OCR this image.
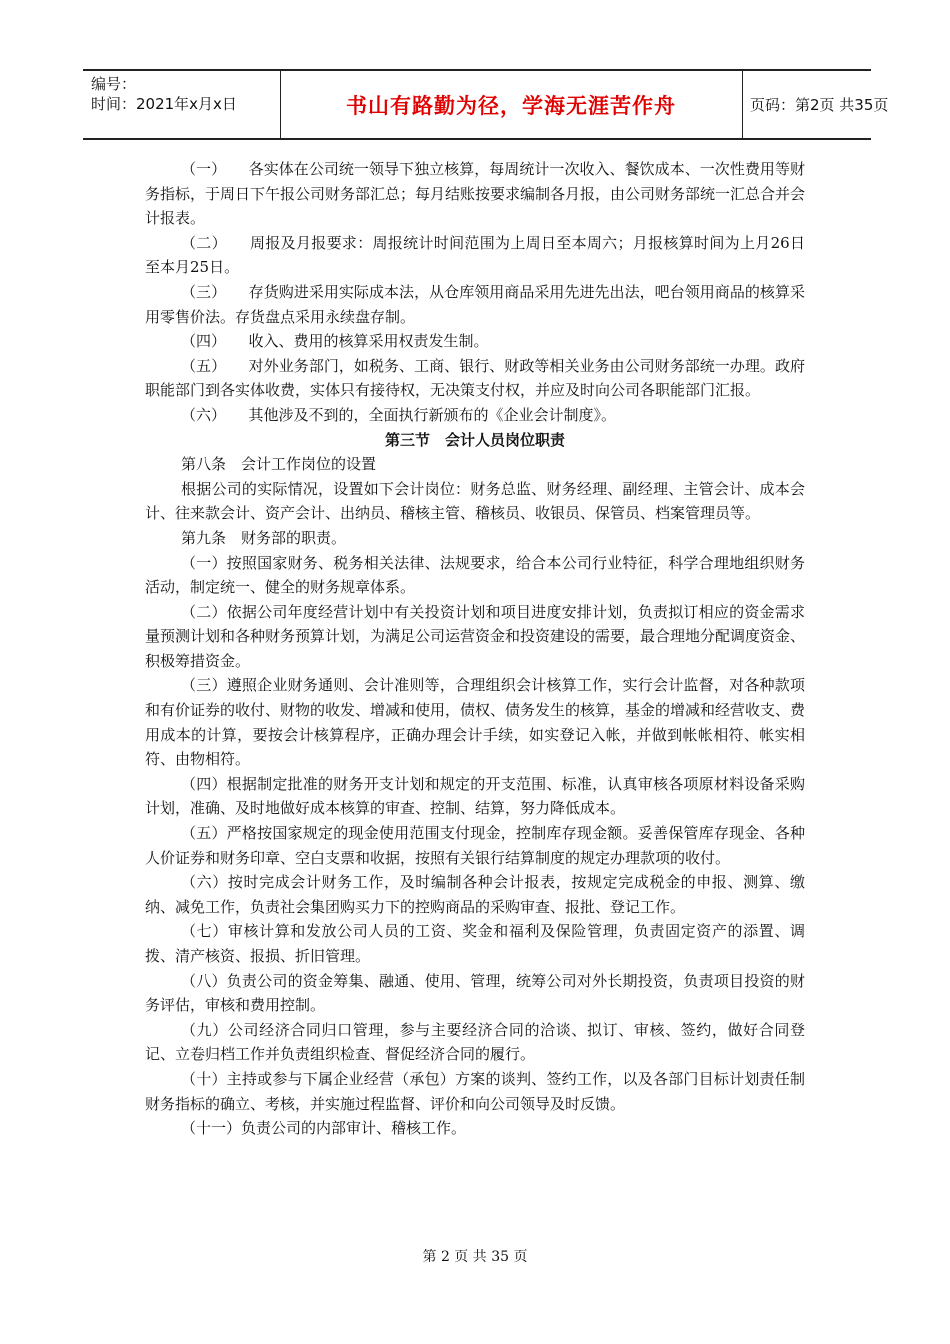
编号：
时间：2021年x月x日	书山有路勤为径，学海无涯苦作舟	页码：第2页 共35页

（一）　　各实体在公司统一领导下独立核算，每周统计一次收入、餐饮成本、一次性费用等财务指标，于周日下午报公司财务部汇总；每月结账按要求编制各月报，由公司财务部统一汇总合并会计报表。

（二）　　周报及月报要求：周报统计时间范围为上周日至本周六；月报核算时间为上月26日至本月25日。

（三）　　存货购进采用实际成本法，从仓库领用商品采用先进先出法，吧台领用商品的核算采用零售价法。存货盘点采用永续盘存制。

（四）　　收入、费用的核算采用权责发生制。

（五）　　对外业务部门，如税务、工商、银行、财政等相关业务由公司财务部统一办理。政府职能部门到各实体收费，实体只有接待权，无决策支付权，并应及时向公司各职能部门汇报。

（六）　　其他涉及不到的，全面执行新颁布的《企业会计制度》。

第三节　会计人员岗位职责

第八条　会计工作岗位的设置

根据公司的实际情况，设置如下会计岗位：财务总监、财务经理、副经理、主管会计、成本会计、往来款会计、资产会计、出纳员、稽核主管、稽核员、收银员、保管员、档案管理员等。

第九条　财务部的职责。

（一）按照国家财务、税务相关法律、法规要求，给合本公司行业特征，科学合理地组织财务活动，制定统一、健全的财务规章体系。

（二）依据公司年度经营计划中有关投资计划和项目进度安排计划，负责拟订相应的资金需求量预测计划和各种财务预算计划，为满足公司运营资金和投资建设的需要，最合理地分配调度资金、积极筹措资金。

（三）遵照企业财务通则、会计准则等，合理组织会计核算工作，实行会计监督，对各种款项和有价证券的收付、财物的收发、增减和使用，债权、债务发生的核算，基金的增减和经营收支、费用成本的计算，要按会计核算程序，正确办理会计手续，如实登记入帐，并做到帐帐相符、帐实相符、由物相符。

（四）根据制定批准的财务开支计划和规定的开支范围、标准，认真审核各项原材料设备采购计划，准确、及时地做好成本核算的审查、控制、结算，努力降低成本。

（五）严格按国家规定的现金使用范围支付现金，控制库存现金额。妥善保管库存现金、各种人价证券和财务印章、空白支票和收据，按照有关银行结算制度的规定办理款项的收付。

（六）按时完成会计财务工作，及时编制各种会计报表，按规定完成税金的申报、测算、缴纳、减免工作，负责社会集团购买力下的控购商品的采购审查、报批、登记工作。

（七）审核计算和发放公司人员的工资、奖金和福利及保险管理，负责固定资产的添置、调拨、清产核资、报损、折旧管理。

（八）负责公司的资金筹集、融通、使用、管理，统筹公司对外长期投资，负责项目投资的财务评估，审核和费用控制。

（九）公司经济合同归口管理，参与主要经济合同的洽谈、拟订、审核、签约，做好合同登记、立卷归档工作并负责组织检查、督促经济合同的履行。

（十）主持或参与下属企业经营（承包）方案的谈判、签约工作，以及各部门目标计划责任制财务指标的确立、考核，并实施过程监督、评价和向公司领导及时反馈。

（十一）负责公司的内部审计、稽核工作。

第 2 页 共 35 页
